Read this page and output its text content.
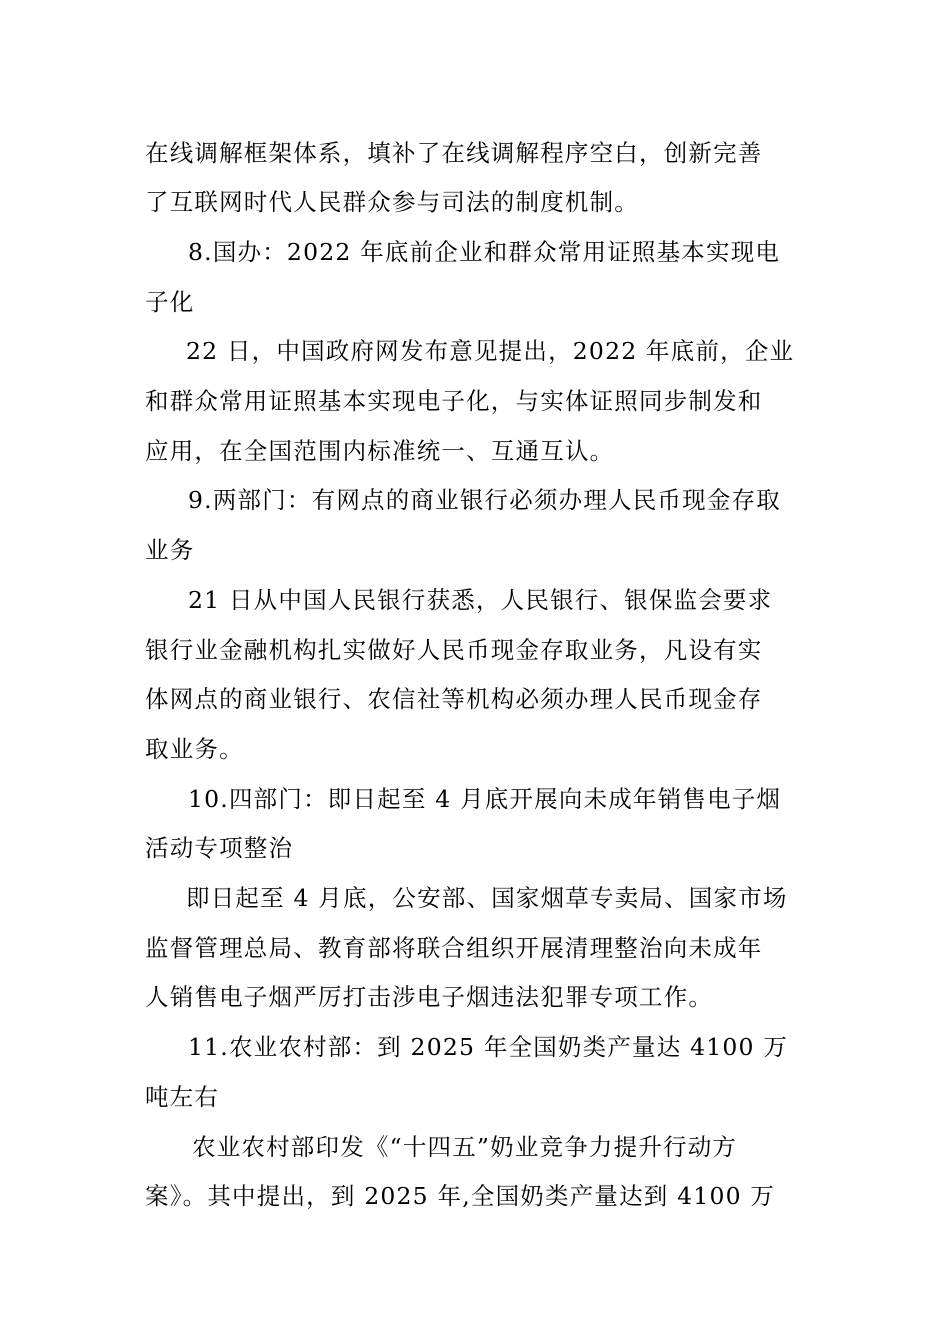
在线调解框架体系，填补了在线调解程序空白，创新完善
了互联网时代人民群众参与司法的制度机制。
8.国办：2022 年底前企业和群众常用证照基本实现电
子化
22 日，中国政府网发布意见提出，2022 年底前，企业
和群众常用证照基本实现电子化，与实体证照同步制发和
应用，在全国范围内标准统一、互通互认。
9.两部门：有网点的商业银行必须办理人民币现金存取
业务
21 日从中国人民银行获悉，人民银行、银保监会要求
银行业金融机构扎实做好人民币现金存取业务，凡设有实
体网点的商业银行、农信社等机构必须办理人民币现金存
取业务。
10.四部门：即日起至 4 月底开展向未成年销售电子烟
活动专项整治
即日起至 4 月底，公安部、国家烟草专卖局、国家市场
监督管理总局、教育部将联合组织开展清理整治向未成年
人销售电子烟严厉打击涉电子烟违法犯罪专项工作。
11.农业农村部：到 2025 年全国奶类产量达 4100 万
吨左右
农业农村部印发《“十四五”奶业竞争力提升行动方
案》。其中提出，到 2025 年,全国奶类产量达到 4100 万
